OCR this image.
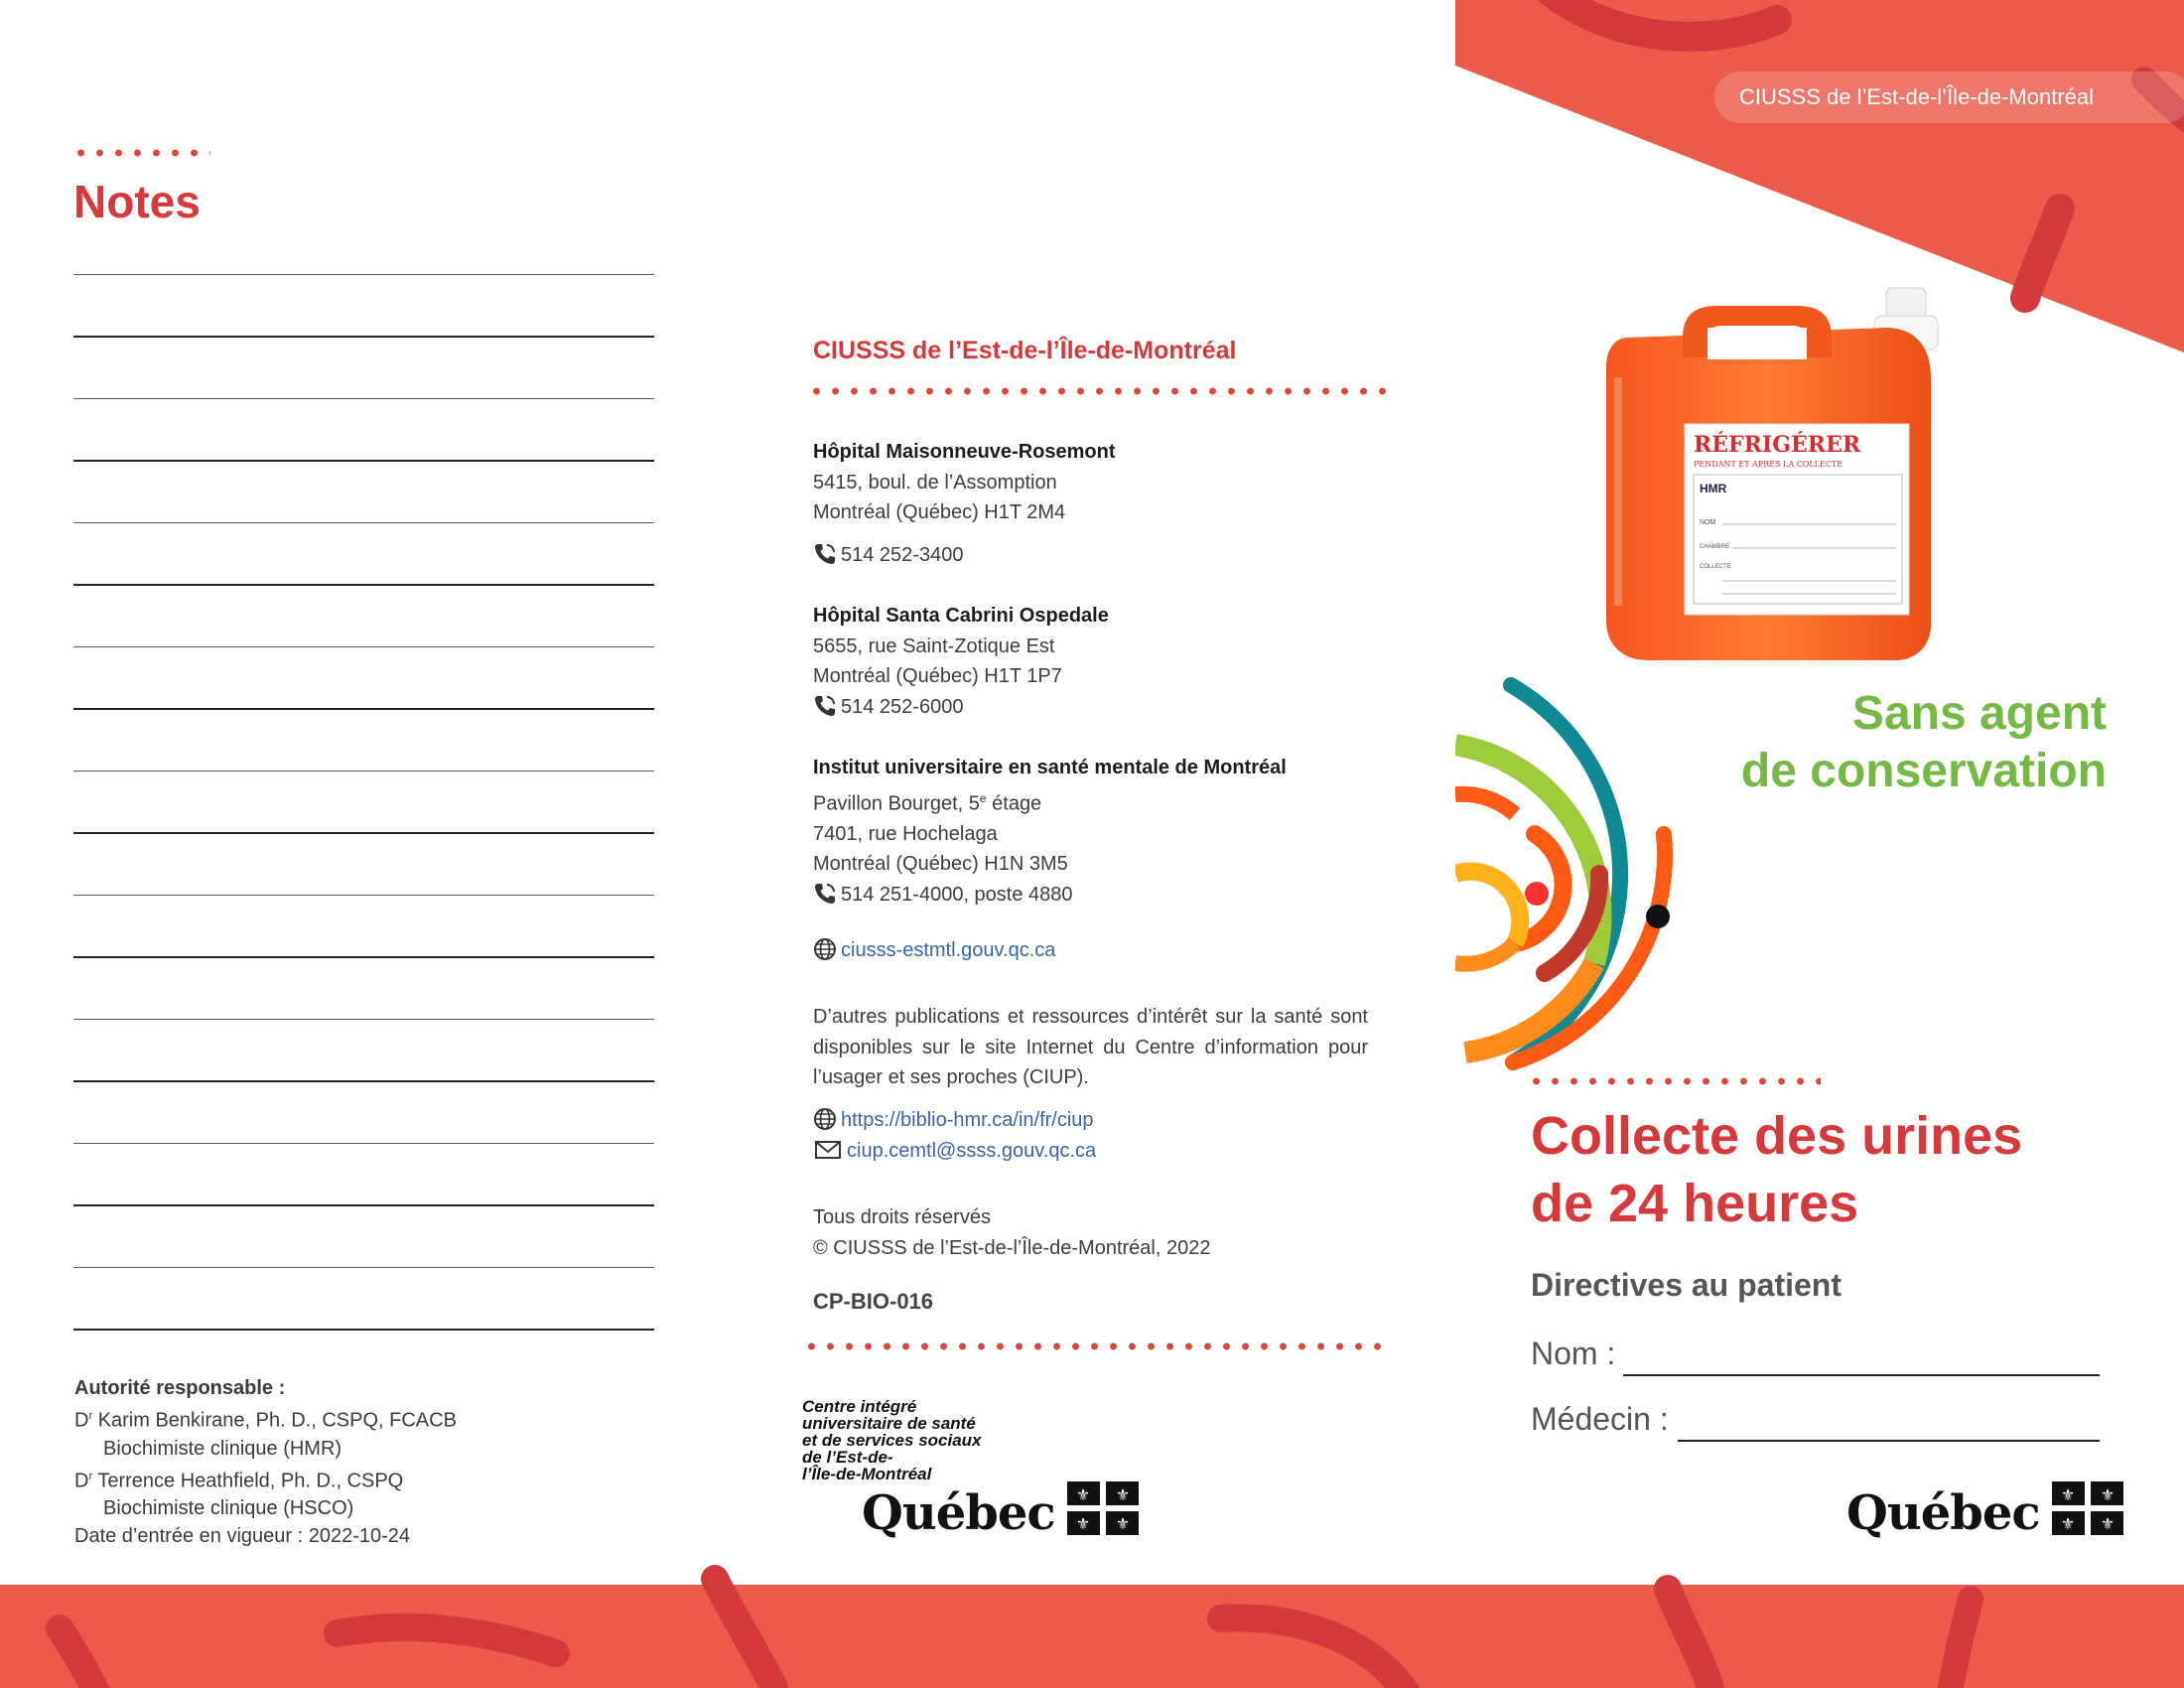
Notes
Autorité responsable :
$D^r$ Karim Benkirane, Ph. D., CSPQ, FCACB
Biochimiste clinique (HMR)
$D^r$ Terrence Heathfield, Ph. D., CSPQ
Biochimiste clinique (HSCO)
Date d’entrée en vigueur : 2022-10-24
CIUSSS de l’Est-de-l’Île-de-Montréal
Hôpital Maisonneuve-Rosemont
5415, boul. de l’Assomption
Montréal (Québec) H1T 2M4
514 252-3400
Hôpital Santa Cabrini Ospedale
5655, rue Saint-Zotique Est
Montréal (Québec) H1T 1P7
514 252-6000
Institut universitaire en santé mentale de Montréal
Pavillon Bourget, 5e étage
7401, rue Hochelaga
Montréal (Québec) H1N 3M5
514 251-4000, poste 4880
ciusss-estmtl.gouv.qc.ca
D’autres publications et ressources d’intérêt sur la santé sont disponibles sur le site Internet du Centre d’information pour l’usager et ses proches (CIUP).
https://biblio-hmr.ca/in/fr/ciup
ciup.cemtl@ssss.gouv.qc.ca
Tous droits réservés
© CIUSSS de l’Est-de-l’Île-de-Montréal, 2022
CP-BIO-016
Centre intégré
universitaire de santé
et de services sociaux
de l’Est-de-
l’Île-de-Montréal
Québec ⚜ ⚜
⚜ ⚜
CIUSSS de l’Est-de-l’Île-de-Montréal
RÉFRIGÉRER
PENDANT ET APRÈS LA COLLECTE
HMR
NOM
CHAMBRE
COLLECTE
Sans agent
de conservation
Collecte des urines
de 24 heures
Directives au patient
Nom :
Médecin :
Québec ⚜ ⚜
⚜ ⚜
